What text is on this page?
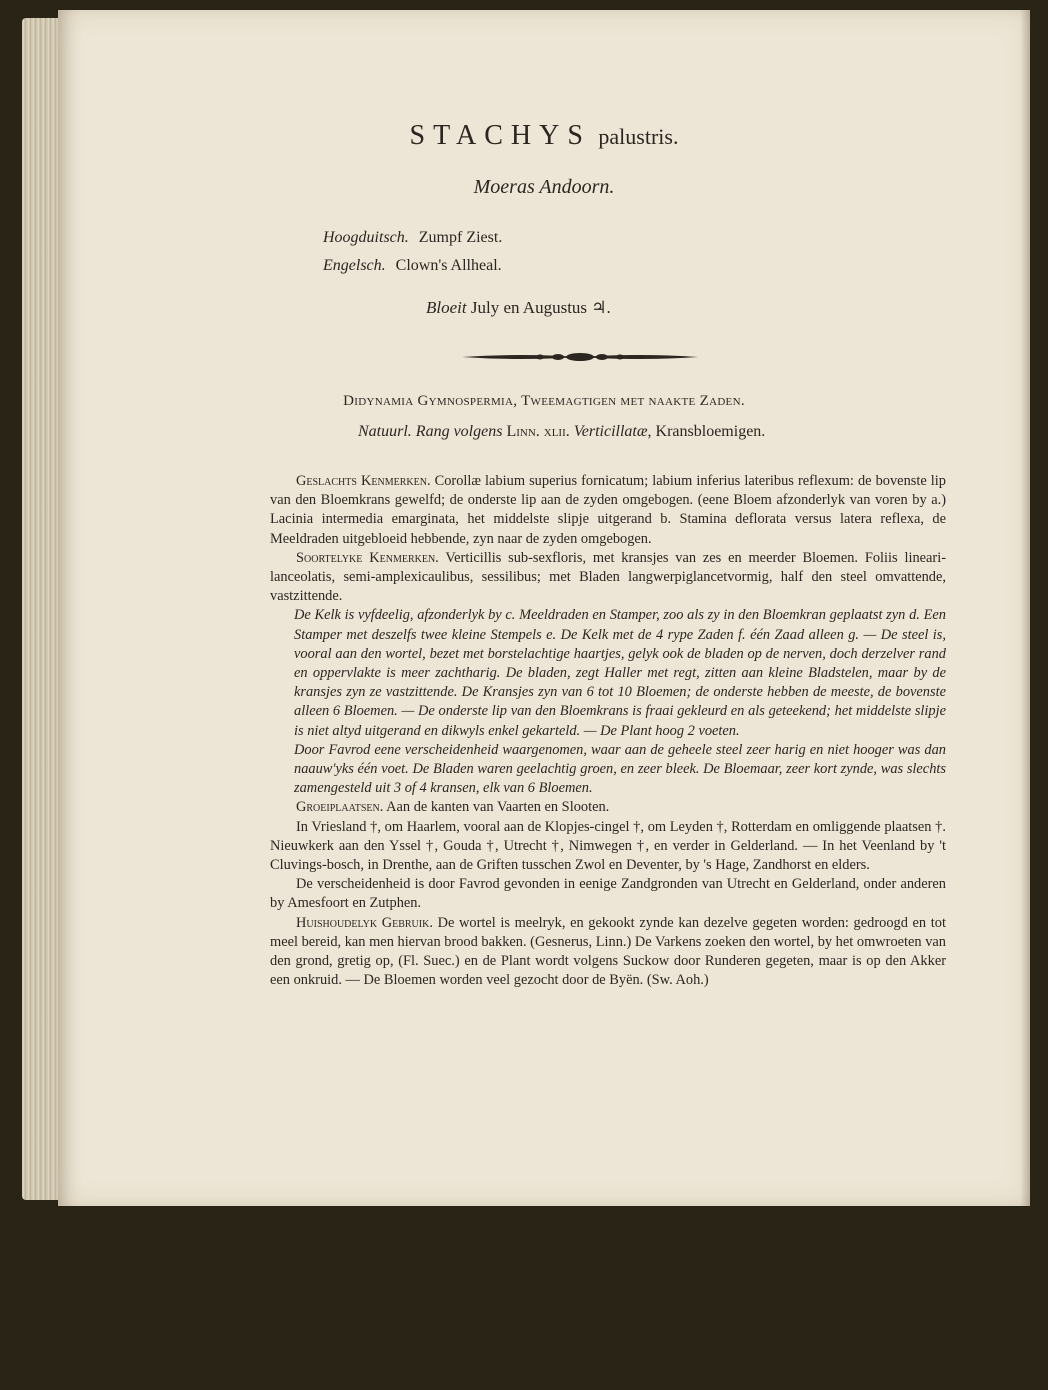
STACHYS palustris.
Moeras Andoorn.
Hoogduitsch. Zumpf Ziest.
Engelsch. Clown's Allheal.
Bloeit July en Augustus ♃.
Didynamia Gymnospermia, Tweemagtigen met naakte Zaden.
Natuurl. Rang volgens Linn. xlii. Verticillatæ, Kransbloemigen.

Geslachts Kenmerken. Corollæ labium superius fornicatum; labium inferius lateribus reflexum: de bovenste lip van den Bloemkrans gewelfd; de onderste lip aan de zyden omgebogen. (eene Bloem afzonderlyk van voren by a.) Lacinia intermedia emarginata, het middelste slipje uitgerand b. Stamina deflorata versus latera reflexa, de Meeldraden uitgebloeid hebbende, zyn naar de zyden omgebogen.

Soortelyke Kenmerken. Verticillis sub-sexfloris, met kransjes van zes en meerder Bloemen. Foliis lineari-lanceolatis, semi-amplexicaulibus, sessilibus; met Bladen langwerpiglancetvormig, half den steel omvattende, vastzittende.

De Kelk is vyfdeelig, afzonderlyk by c. Meeldraden en Stamper, zoo als zy in den Bloemkran geplaatst zyn d. Een Stamper met deszelfs twee kleine Stempels e. De Kelk met de 4 rype Zaden f. één Zaad alleen g. — De steel is, vooral aan den wortel, bezet met borstelachtige haartjes, gelyk ook de bladen op de nerven, doch derzelver rand en oppervlakte is meer zachtharig. De bladen, zegt Haller met regt, zitten aan kleine Bladstelen, maar by de kransjes zyn ze vastzittende. De Kransjes zyn van 6 tot 10 Bloemen; de onderste hebben de meeste, de bovenste alleen 6 Bloemen. — De onderste lip van den Bloemkrans is fraai gekleurd en als geteekend; het middelste slipje is niet altyd uitgerand en dikwyls enkel gekarteld. — De Plant hoog 2 voeten.

Door Favrod eene verscheidenheid waargenomen, waar aan de geheele steel zeer harig en niet hooger was dan naauw'yks één voet. De Bladen waren geelachtig groen, en zeer bleek. De Bloemaar, zeer kort zynde, was slechts zamengesteld uit 3 of 4 kransen, elk van 6 Bloemen.

Groeiplaatsen. Aan de kanten van Vaarten en Slooten.

In Vriesland †, om Haarlem, vooral aan de Klopjes-cingel †, om Leyden †, Rotterdam en omliggende plaatsen †. Nieuwkerk aan den Yssel †, Gouda †, Utrecht †, Nimwegen †, en verder in Gelderland. — In het Veenland by 't Cluvings-bosch, in Drenthe, aan de Griften tusschen Zwol en Deventer, by 's Hage, Zandhorst en elders.

De verscheidenheid is door Favrod gevonden in eenige Zandgronden van Utrecht en Gelderland, onder anderen by Amesfoort en Zutphen.

Huishoudelyk Gebruik. De wortel is meelryk, en gekookt zynde kan dezelve gegeten worden: gedroogd en tot meel bereid, kan men hiervan brood bakken. (Gesnerus, Linn.) De Varkens zoeken den wortel, by het omwroeten van den grond, gretig op, (Fl. Suec.) en de Plant wordt volgens Suckow door Runderen gegeten, maar is op den Akker een onkruid. — De Bloemen worden veel gezocht door de Byën. (Sw. Aoh.)
